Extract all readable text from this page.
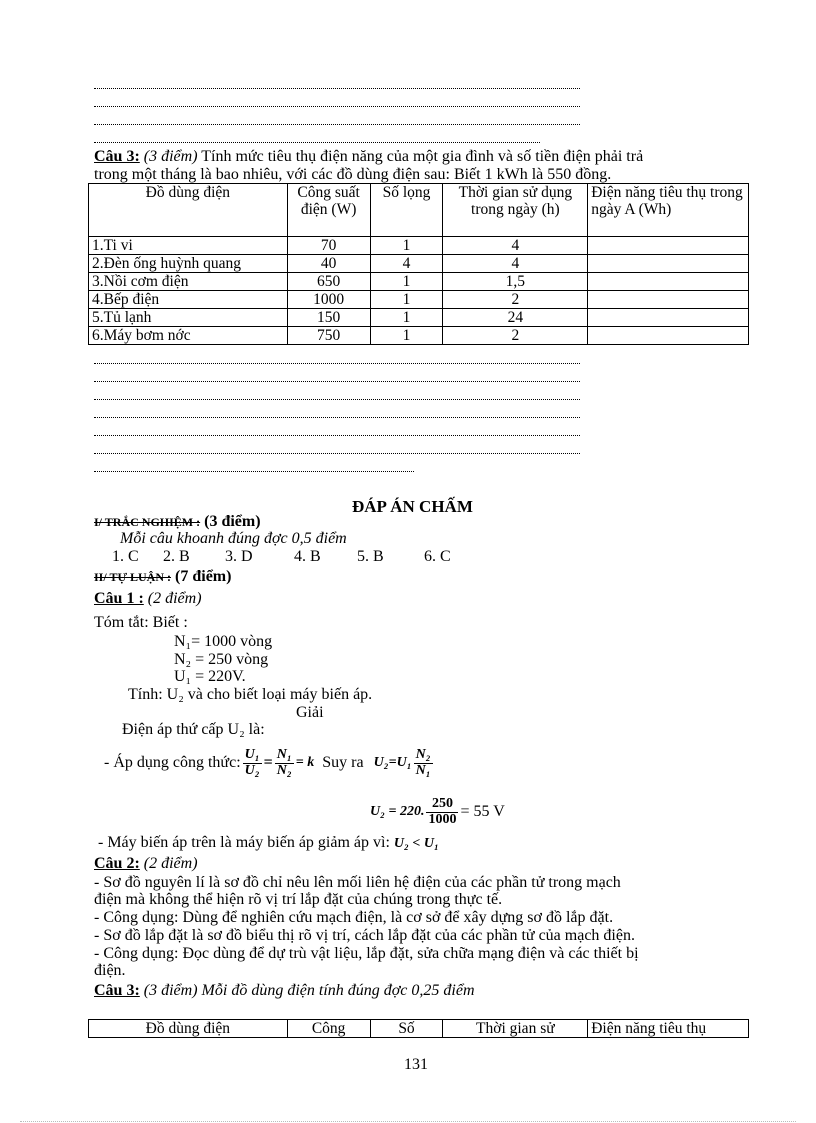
Câu 3: (3 điểm) Tính mức tiêu thụ điện năng của một gia đình và số tiền điện phải trả
trong một tháng là bao nhiêu, với các đồ dùng điện sau: Biết 1 kWh là 550 đồng.
Đồ dùng điện	Công suất điện (W)	Số lọng	Thời gian sử dụng trong ngày (h)	Điện năng tiêu thụ trong ngày A (Wh)
1.Ti vi	70	1	4	
2.Đèn ống huỳnh quang	40	4	4	
3.Nồi cơm điện	650	1	1,5	
4.Bếp điện	1000	1	2	
5.Tủ lạnh	150	1	24	
6.Máy bơm nớc	750	1	2	
ĐÁP ÁN CHẤM
I/ TRẮC NGHIỆM : (3 điểm)
Mỗi câu khoanh đúng đợc 0,5 điểm
1. C 2. B 3. D	4. B 5. B	6. C
II/ TỰ LUẬN : (7 điểm)
Câu 1 : (2 điểm)
Tóm tắt: Biết :
N₁= 1000 vòng
N₂ = 250 vòng
U₁ = 220V.
Tính: U₂ và cho biết loại máy biến áp.
Giải
Điện áp thứ cấp U₂ là:
- Áp dụng công thức: $\frac{\text{U₁}}{\text{U₂}} = \frac{\text{N₁}}{\text{N₂}} = k$ Suy ra $U_2=U_1 \frac{\text{N₂}}{\text{N₁}}$
U₂ = 220. $\frac{250}{1000} = 55$ V
- Máy biến áp trên là máy biến áp giảm áp vì: U₂ < U₁
Câu 2: (2 điểm)
- Sơ đồ nguyên lí là sơ đồ chỉ nêu lên mối liên hệ điện của các phần tử trong mạch
điện mà không thể hiện rõ vị trí lắp đặt của chúng trong thực tế.
- Công dụng: Dùng để nghiên cứu mạch điện, là cơ sở để xây dựng sơ đồ lắp đặt.
- Sơ đồ lắp đặt là sơ đồ biểu thị rõ vị trí, cách lắp đặt của các phần tử của mạch điện.
- Công dụng: Đọc dùng để dự trù vật liệu, lắp đặt, sửa chữa mạng điện và các thiết bị
điện.
Câu 3: (3 điểm) Mỗi đồ dùng điện tính đúng đợc 0,25 điểm
Đồ dùng điện	Công	Số	Thời gian sử	Điện năng tiêu thụ
131
